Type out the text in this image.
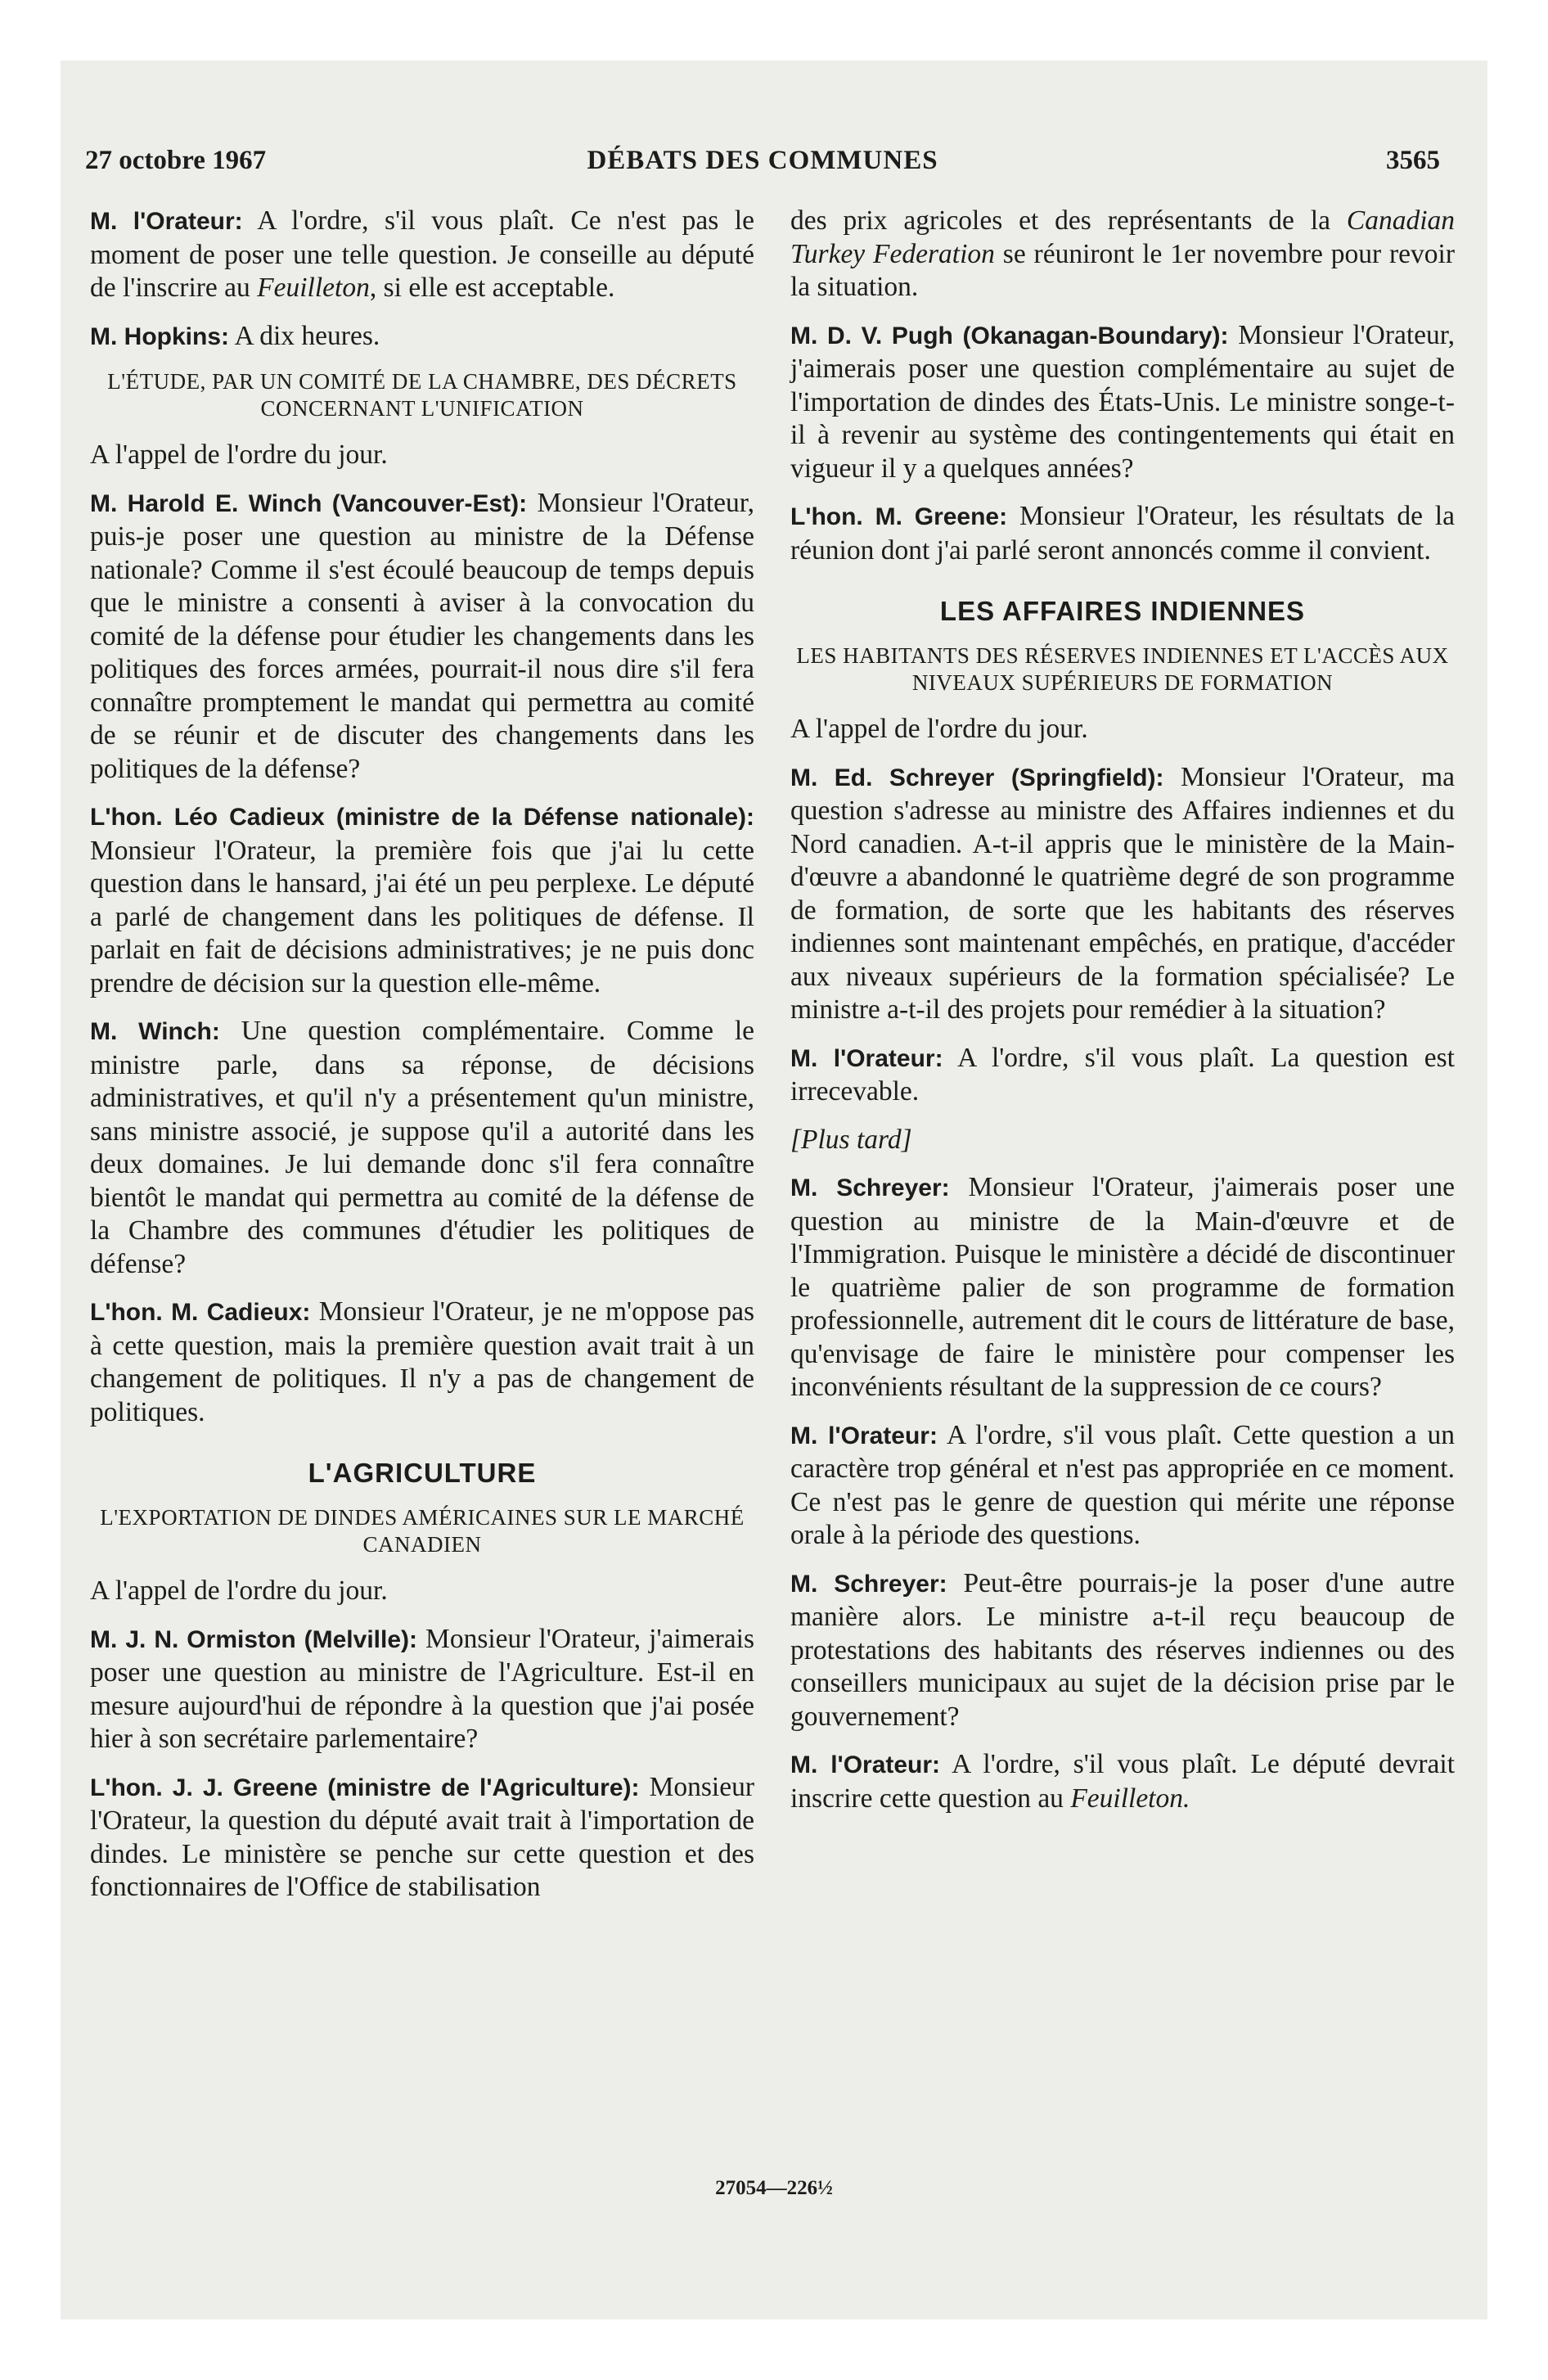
27 octobre 1967	DÉBATS DES COMMUNES	3565

M. l'Orateur: A l'ordre, s'il vous plaît. Ce n'est pas le moment de poser une telle question. Je conseille au député de l'inscrire au Feuilleton, si elle est acceptable.

M. Hopkins: A dix heures.

L'ÉTUDE, PAR UN COMITÉ DE LA CHAMBRE, DES DÉCRETS CONCERNANT L'UNIFICATION

A l'appel de l'ordre du jour.

M. Harold E. Winch (Vancouver-Est): Monsieur l'Orateur, puis-je poser une question au ministre de la Défense nationale? Comme il s'est écoulé beaucoup de temps depuis que le ministre a consenti à aviser à la convocation du comité de la défense pour étudier les changements dans les politiques des forces armées, pourrait-il nous dire s'il fera connaître promptement le mandat qui permettra au comité de se réunir et de discuter des changements dans les politiques de la défense?

L'hon. Léo Cadieux (ministre de la Défense nationale): Monsieur l'Orateur, la première fois que j'ai lu cette question dans le hansard, j'ai été un peu perplexe. Le député a parlé de changement dans les politiques de défense. Il parlait en fait de décisions administratives; je ne puis donc prendre de décision sur la question elle-même.

M. Winch: Une question complémentaire. Comme le ministre parle, dans sa réponse, de décisions administratives, et qu'il n'y a présentement qu'un ministre, sans ministre associé, je suppose qu'il a autorité dans les deux domaines. Je lui demande donc s'il fera connaître bientôt le mandat qui permettra au comité de la défense de la Chambre des communes d'étudier les politiques de défense?

L'hon. M. Cadieux: Monsieur l'Orateur, je ne m'oppose pas à cette question, mais la première question avait trait à un changement de politiques. Il n'y a pas de changement de politiques.

L'AGRICULTURE
L'EXPORTATION DE DINDES AMÉRICAINES SUR LE MARCHÉ CANADIEN

A l'appel de l'ordre du jour.

M. J. N. Ormiston (Melville): Monsieur l'Orateur, j'aimerais poser une question au ministre de l'Agriculture. Est-il en mesure aujourd'hui de répondre à la question que j'ai posée hier à son secrétaire parlementaire?

L'hon. J. J. Greene (ministre de l'Agriculture): Monsieur l'Orateur, la question du député avait trait à l'importation de dindes. Le ministère se penche sur cette question et des fonctionnaires de l'Office de stabilisation

des prix agricoles et des représentants de la Canadian Turkey Federation se réuniront le 1er novembre pour revoir la situation.

M. D. V. Pugh (Okanagan-Boundary): Monsieur l'Orateur, j'aimerais poser une question complémentaire au sujet de l'importation de dindes des États-Unis. Le ministre songe-t-il à revenir au système des contingentements qui était en vigueur il y a quelques années?

L'hon. M. Greene: Monsieur l'Orateur, les résultats de la réunion dont j'ai parlé seront annoncés comme il convient.

LES AFFAIRES INDIENNES
LES HABITANTS DES RÉSERVES INDIENNES ET L'ACCÈS AUX NIVEAUX SUPÉRIEURS DE FORMATION

A l'appel de l'ordre du jour.

M. Ed. Schreyer (Springfield): Monsieur l'Orateur, ma question s'adresse au ministre des Affaires indiennes et du Nord canadien. A-t-il appris que le ministère de la Main-d'œuvre a abandonné le quatrième degré de son programme de formation, de sorte que les habitants des réserves indiennes sont maintenant empêchés, en pratique, d'accéder aux niveaux supérieurs de la formation spécialisée? Le ministre a-t-il des projets pour remédier à la situation?

M. l'Orateur: A l'ordre, s'il vous plaît. La question est irrecevable.

[Plus tard]

M. Schreyer: Monsieur l'Orateur, j'aimerais poser une question au ministre de la Main-d'œuvre et de l'Immigration. Puisque le ministère a décidé de discontinuer le quatrième palier de son programme de formation professionnelle, autrement dit le cours de littérature de base, qu'envisage de faire le ministère pour compenser les inconvénients résultant de la suppression de ce cours?

M. l'Orateur: A l'ordre, s'il vous plaît. Cette question a un caractère trop général et n'est pas appropriée en ce moment. Ce n'est pas le genre de question qui mérite une réponse orale à la période des questions.

M. Schreyer: Peut-être pourrais-je la poser d'une autre manière alors. Le ministre a-t-il reçu beaucoup de protestations des habitants des réserves indiennes ou des conseillers municipaux au sujet de la décision prise par le gouvernement?

M. l'Orateur: A l'ordre, s'il vous plaît. Le député devrait inscrire cette question au Feuilleton.

27054—226½
